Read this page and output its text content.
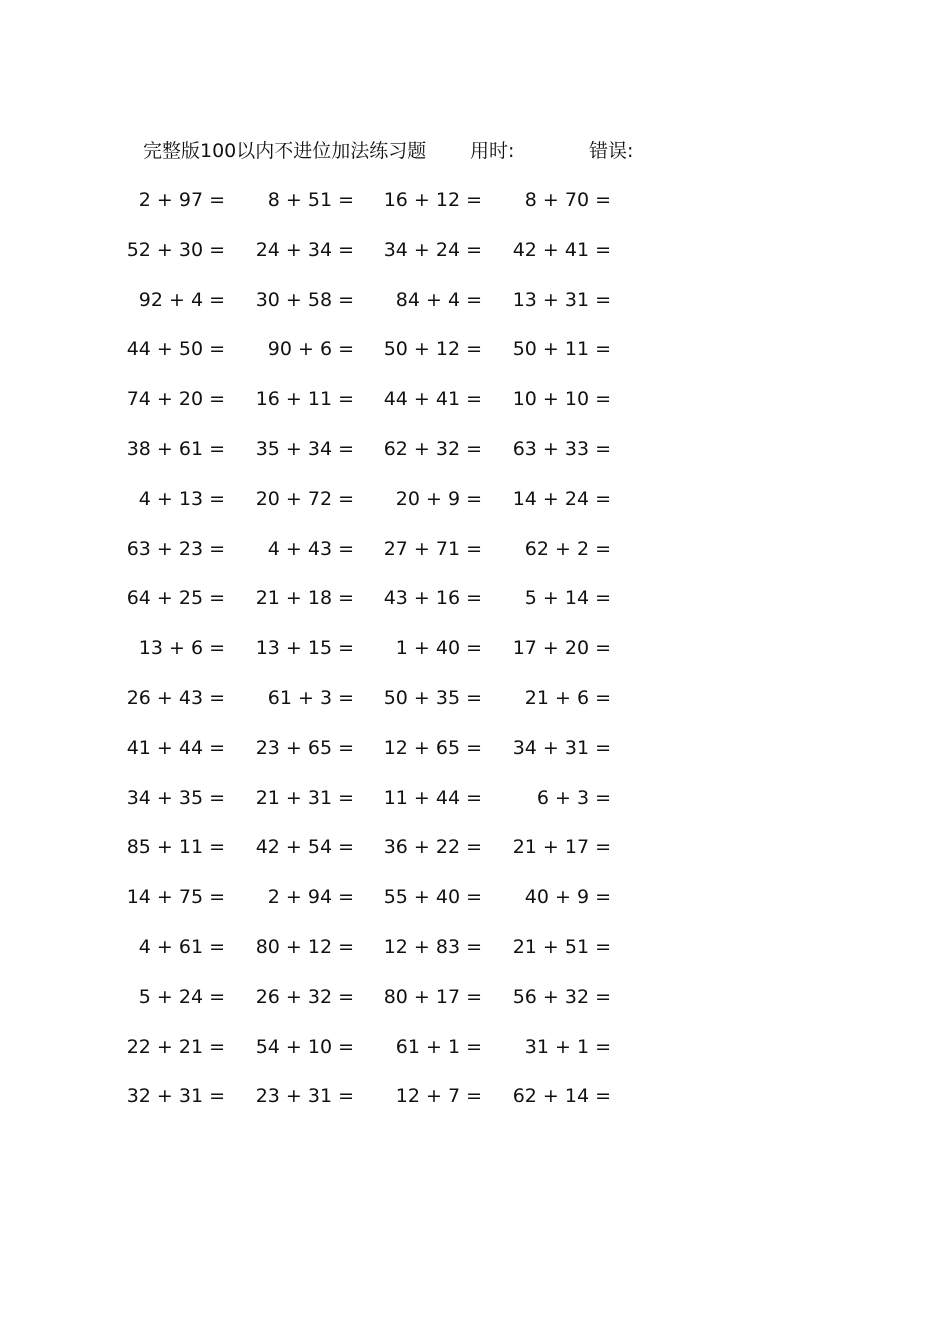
完整版100以内不进位加法练习题 用时:	错误:
2 + 97 =	8 + 51 =	16 + 12 =	8 + 70 =
52 + 30 =	24 + 34 =	34 + 24 =	42 + 41 =
92 + 4 =	30 + 58 =	84 + 4 =	13 + 31 =
44 + 50 =	90 + 6 =	50 + 12 =	50 + 11 =
74 + 20 =	16 + 11 =	44 + 41 =	10 + 10 =
38 + 61 =	35 + 34 =	62 + 32 =	63 + 33 =
4 + 13 =	20 + 72 =	20 + 9 =	14 + 24 =
63 + 23 =	4 + 43 =	27 + 71 =	62 + 2 =
64 + 25 =	21 + 18 =	43 + 16 =	5 + 14 =
13 + 6 =	13 + 15 =	1 + 40 =	17 + 20 =
26 + 43 =	61 + 3 =	50 + 35 =	21 + 6 =
41 + 44 =	23 + 65 =	12 + 65 =	34 + 31 =
34 + 35 =	21 + 31 =	11 + 44 =	6 + 3 =
85 + 11 =	42 + 54 =	36 + 22 =	21 + 17 =
14 + 75 =	2 + 94 =	55 + 40 =	40 + 9 =
4 + 61 =	80 + 12 =	12 + 83 =	21 + 51 =
5 + 24 =	26 + 32 =	80 + 17 =	56 + 32 =
22 + 21 =	54 + 10 =	61 + 1 =	31 + 1 =
32 + 31 =	23 + 31 =	12 + 7 =	62 + 14 =
